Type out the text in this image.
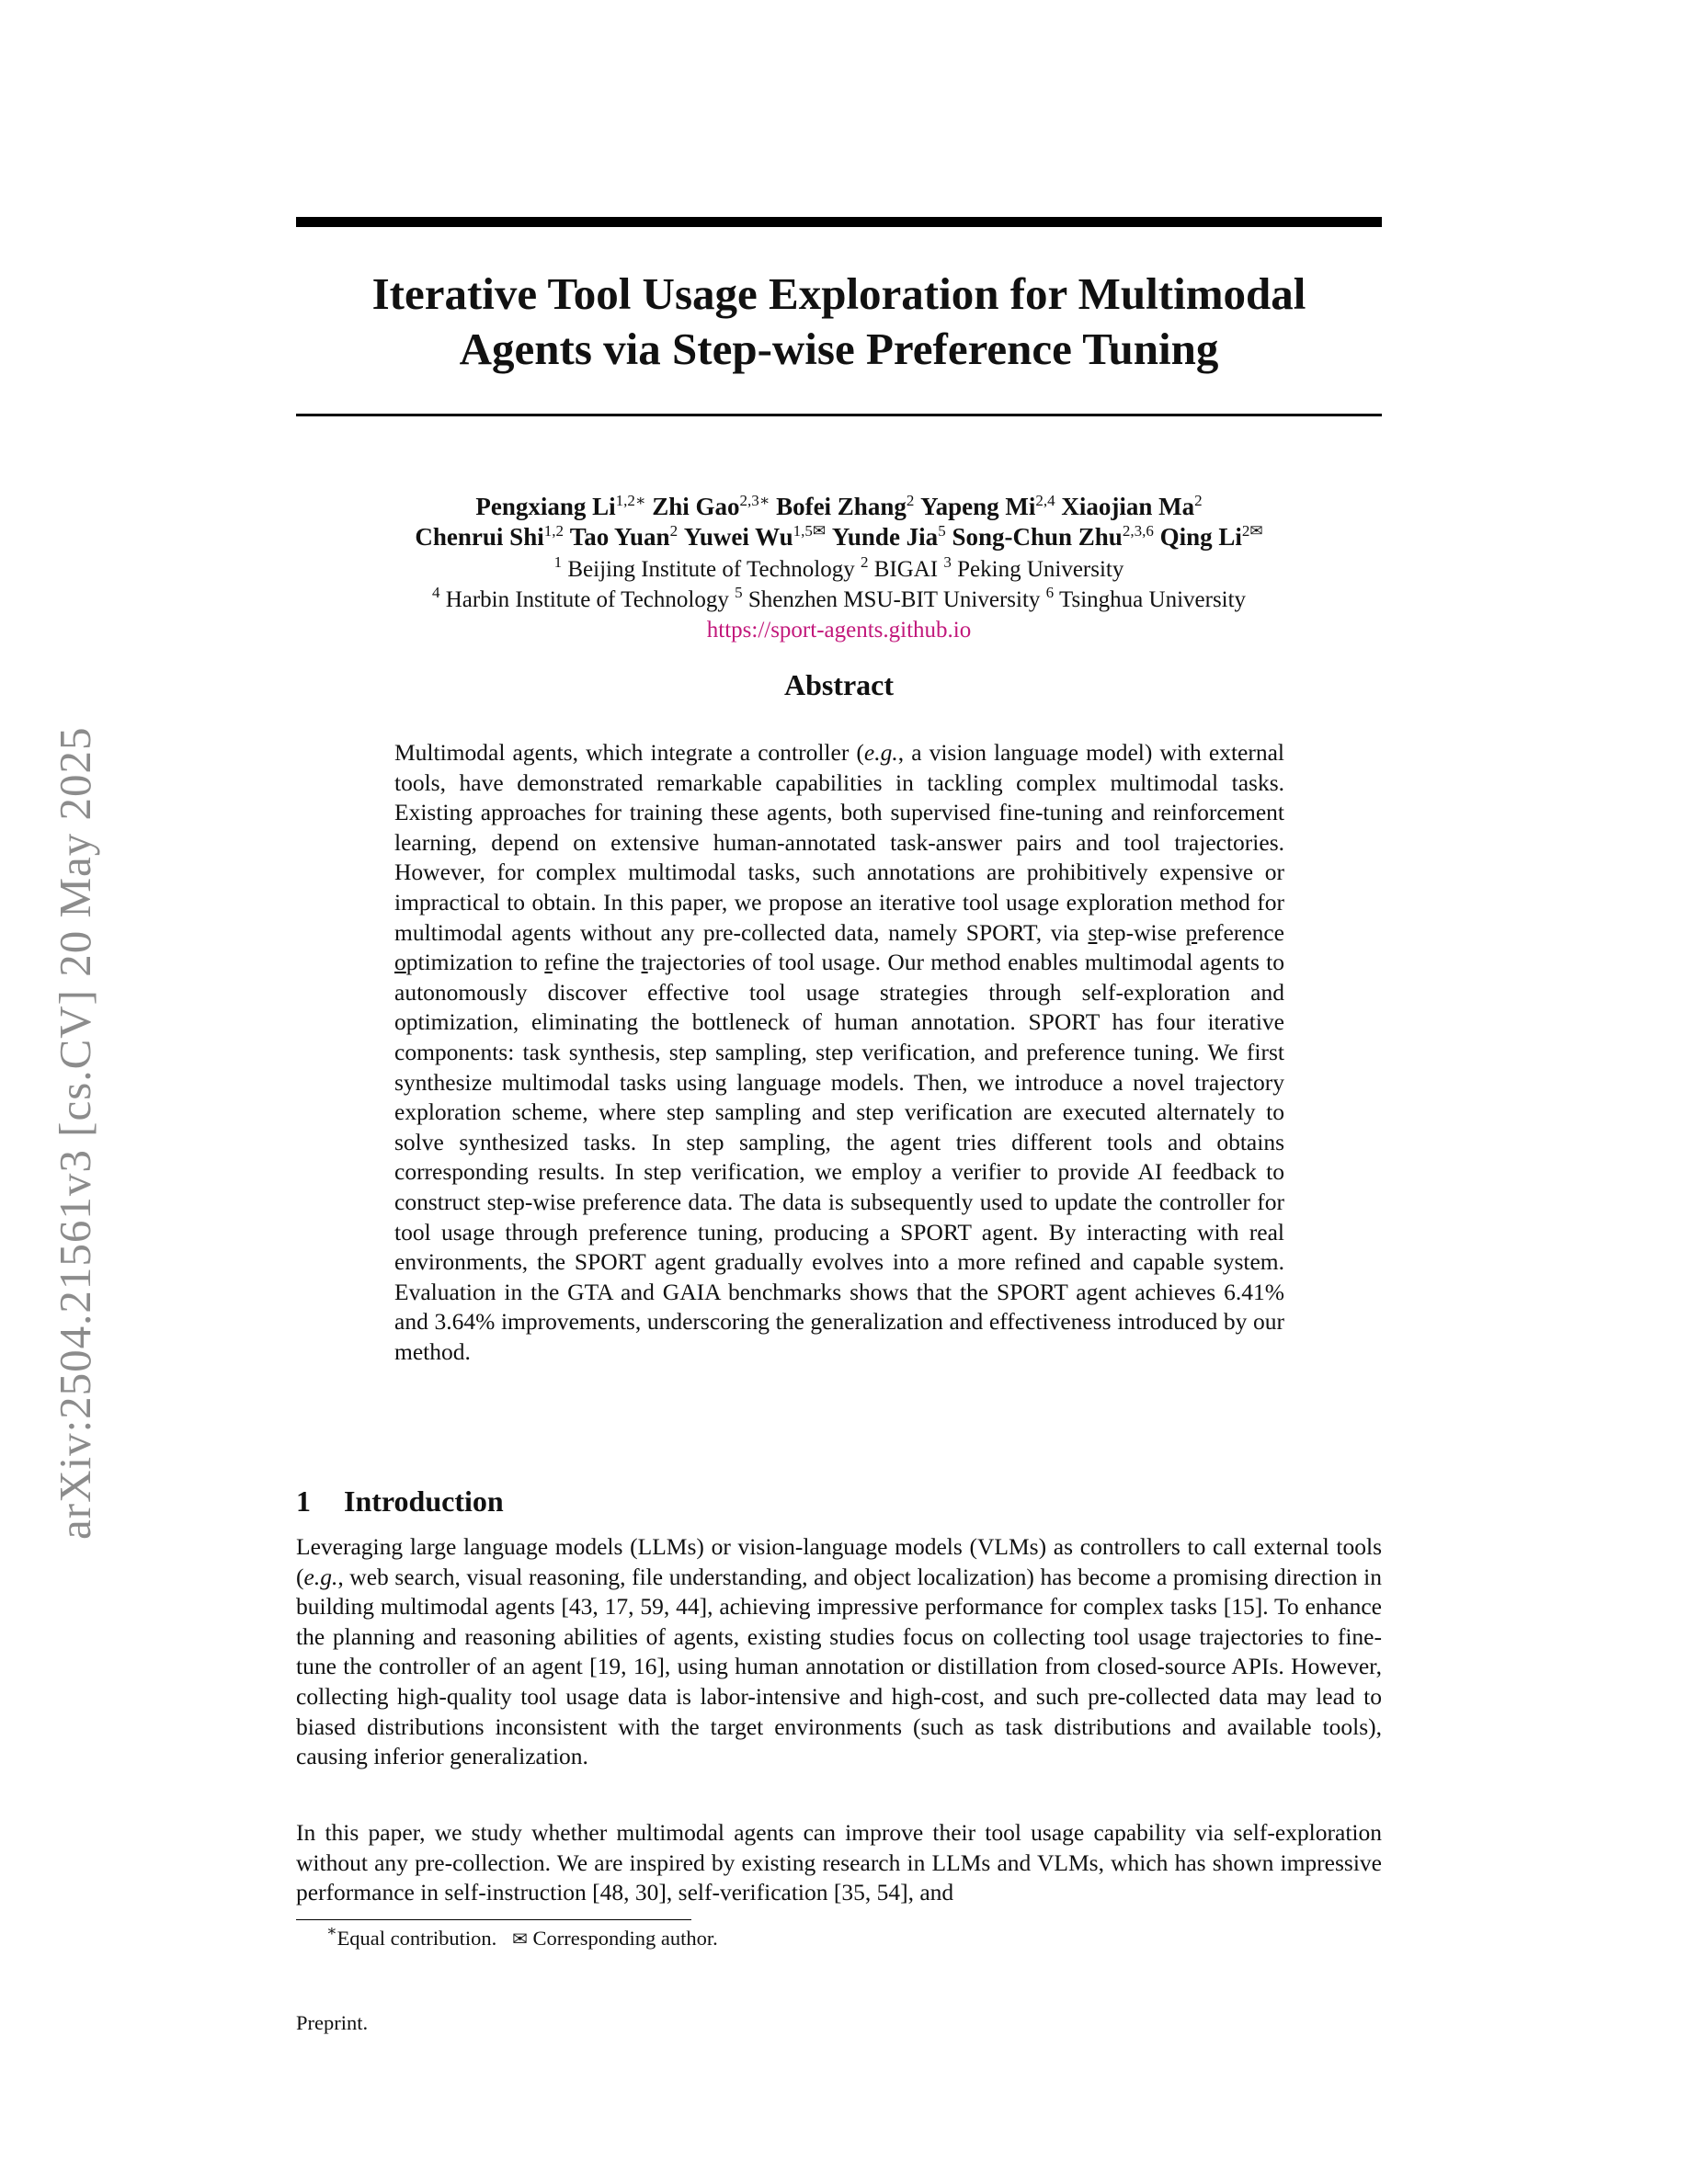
Iterative Tool Usage Exploration for Multimodal
Agents via Step-wise Preference Tuning
arXiv:2504.21561v3 [cs.CV] 20 May 2025
Pengxiang $Li^{1,2∗}$ Zhi Gao$^{2,3∗}$ Bofei Zhang$^2$ Yapeng Mi$^{2,4}$ Xiaojian Ma$^2$
Chenrui Shi$^{1,2}$ Tao Yuan$^2$ Yuwei $Wu^{1,5✉}$ Yunde Jia$^5$ Song-Chun Zhu$^{2,3,6}$ Qing $Li^{2✉}$
$^1$ Beijing Institute of Technology $^2$ BIGAI $^3$ Peking University
$^4$ Harbin Institute of Technology $^5$ Shenzhen MSU-BIT University $^6$ Tsinghua University
https://sport-agents.github.io
Abstract
Multimodal agents, which integrate a controller (e.g., a vision language model) with external tools, have demonstrated remarkable capabilities in tackling complex multimodal tasks. Existing approaches for training these agents, both supervised fine-tuning and reinforcement learning, depend on extensive human-annotated task-answer pairs and tool trajectories. However, for complex multimodal tasks, such annotations are prohibitively expensive or impractical to obtain. In this paper, we propose an iterative tool usage exploration method for multimodal agents without any pre-collected data, namely SPORT, via step-wise preference optimization to refine the trajectories of tool usage. Our method enables multimodal agents to autonomously discover effective tool usage strategies through self-exploration and optimization, eliminating the bottleneck of human annotation. SPORT has four iterative components: task synthesis, step sampling, step verification, and preference tuning. We first synthesize multimodal tasks using language models. Then, we introduce a novel trajectory exploration scheme, where step sampling and step verification are executed alternately to solve synthesized tasks. In step sampling, the agent tries different tools and obtains corresponding results. In step verification, we employ a verifier to provide AI feedback to construct step-wise preference data. The data is subsequently used to update the controller for tool usage through preference tuning, producing a SPORT agent. By interacting with real environments, the SPORT agent gradually evolves into a more refined and capable system. Evaluation in the GTA and GAIA benchmarks shows that the SPORT agent achieves 6.41% and 3.64% improvements, underscoring the generalization and effectiveness introduced by our method.
1 Introduction
Leveraging large language models (LLMs) or vision-language models (VLMs) as controllers to call external tools (e.g., web search, visual reasoning, file understanding, and object localization) has become a promising direction in building multimodal agents [43, 17, 59, 44], achieving impressive performance for complex tasks [15]. To enhance the planning and reasoning abilities of agents, existing studies focus on collecting tool usage trajectories to fine-tune the controller of an agent [19, 16], using human annotation or distillation from closed-source APIs. However, collecting high-quality tool usage data is labor-intensive and high-cost, and such pre-collected data may lead to biased distributions inconsistent with the target environments (such as task distributions and available tools), causing inferior generalization.
In this paper, we study whether multimodal agents can improve their tool usage capability via self-exploration without any pre-collection. We are inspired by existing research in LLMs and VLMs, which has shown impressive performance in self-instruction [48, 30], self-verification [35, 54], and
∗Equal contribution. ✉ Corresponding author.
Preprint.
